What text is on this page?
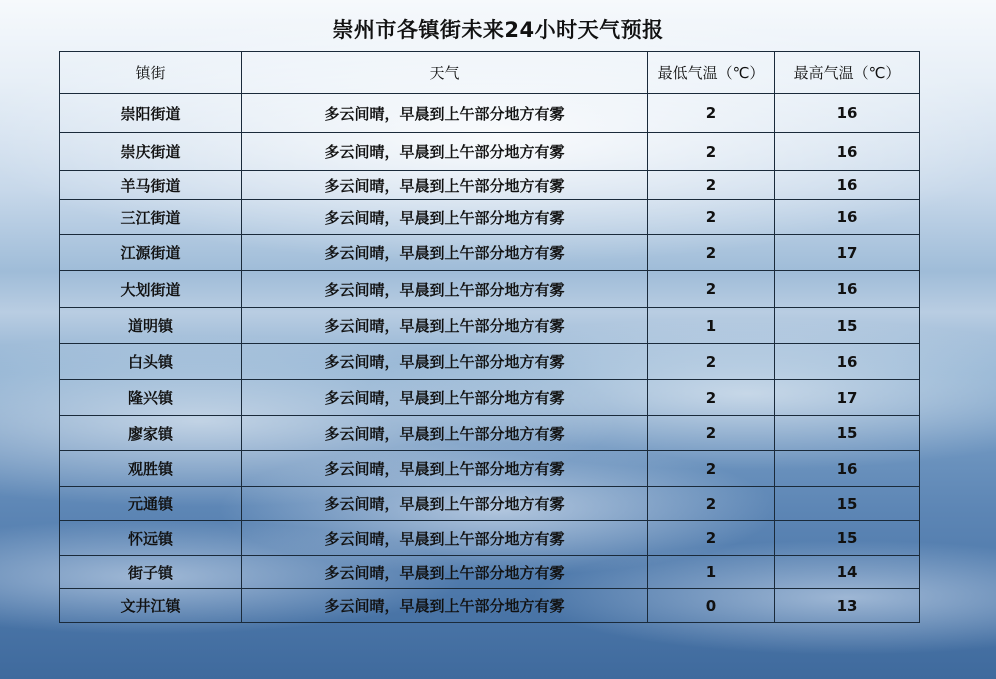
崇州市各镇街未来24小时天气预报
镇街	天气	最低气温（℃）	最高气温（℃）
崇阳街道	多云间晴，早晨到上午部分地方有雾	2	16
崇庆街道	多云间晴，早晨到上午部分地方有雾	2	16
羊马街道	多云间晴，早晨到上午部分地方有雾	2	16
三江街道	多云间晴，早晨到上午部分地方有雾	2	16
江源街道	多云间晴，早晨到上午部分地方有雾	2	17
大划街道	多云间晴，早晨到上午部分地方有雾	2	16
道明镇	多云间晴，早晨到上午部分地方有雾	1	15
白头镇	多云间晴，早晨到上午部分地方有雾	2	16
隆兴镇	多云间晴，早晨到上午部分地方有雾	2	17
廖家镇	多云间晴，早晨到上午部分地方有雾	2	15
观胜镇	多云间晴，早晨到上午部分地方有雾	2	16
元通镇	多云间晴，早晨到上午部分地方有雾	2	15
怀远镇	多云间晴，早晨到上午部分地方有雾	2	15
街子镇	多云间晴，早晨到上午部分地方有雾	1	14
文井江镇	多云间晴，早晨到上午部分地方有雾	0	13
